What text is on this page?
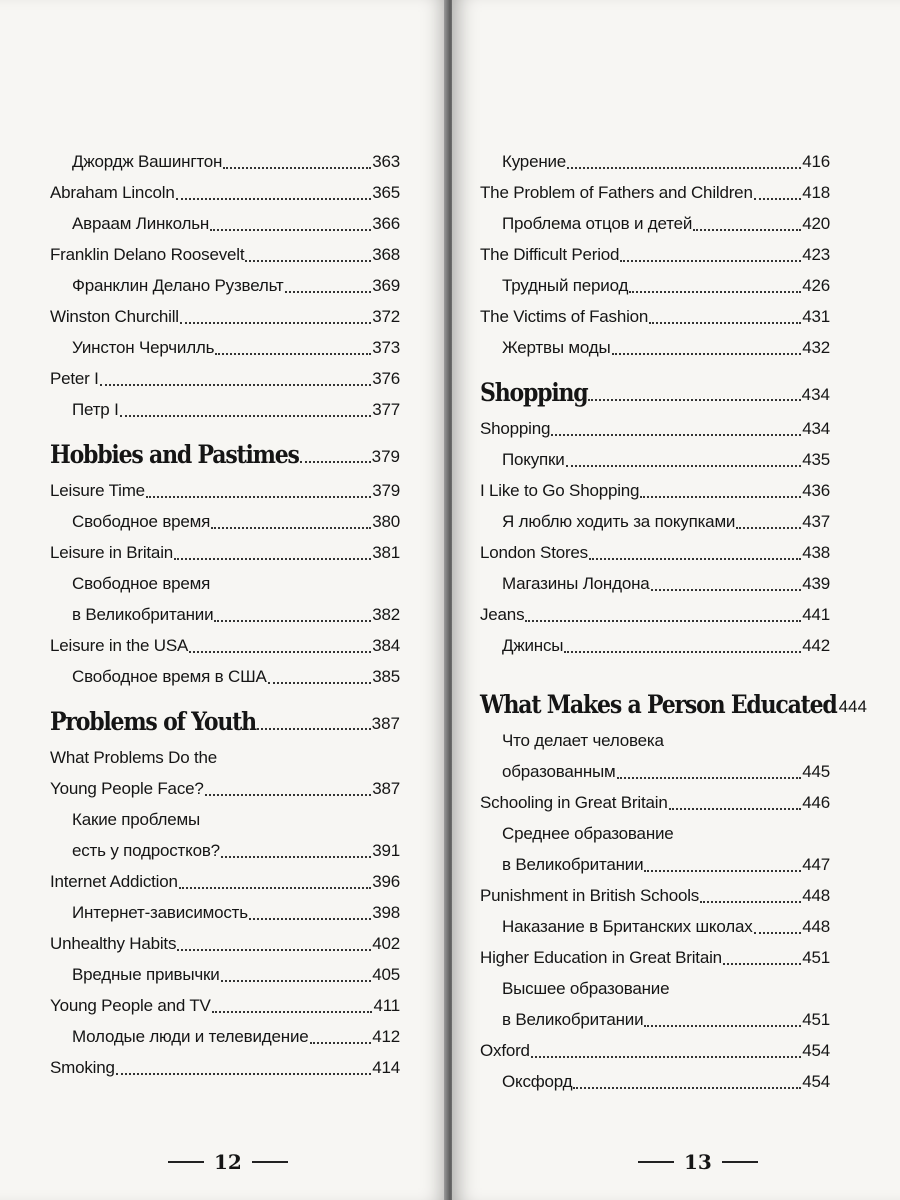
Джордж Вашингтон	363
Abraham Lincoln	365
Авраам Линкольн	366
Franklin Delano Roosevelt	368
Франклин Делано Рузвельт	369
Winston Churchill	372
Уинстон Черчилль	373
Peter I	376
Петр I	377
Hobbies and Pastimes	379
Leisure Time	379
Свободное время	380
Leisure in Britain	381
Свободное время
в Великобритании	382
Leisure in the USA	384
Свободное время в США	385
Problems of Youth	387
What Problems Do the
Young People Face?	387
Какие проблемы
есть у подростков?	391
Internet Addiction	396
Интернет-зависимость	398
Unhealthy Habits	402
Вредные привычки	405
Young People and TV	411
Молодые люди и телевидение	412
Smoking	414
12
Курение	416
The Problem of Fathers and Children	418
Проблема отцов и детей	420
The Difficult Period	423
Трудный период	426
The Victims of Fashion	431
Жертвы моды	432
Shopping	434
Shopping	434
Покупки	435
I Like to Go Shopping	436
Я люблю ходить за покупками	437
London Stores	438
Магазины Лондона	439
Jeans	441
Джинсы	442
What Makes a Person Educated 444
Что делает человека
образованным	445
Schooling in Great Britain	446
Среднее образование
в Великобритании	447
Punishment in British Schools	448
Наказание в Британских школах	448
Higher Education in Great Britain	451
Высшее образование
в Великобритании	451
Oxford	454
Оксфорд	454
13
